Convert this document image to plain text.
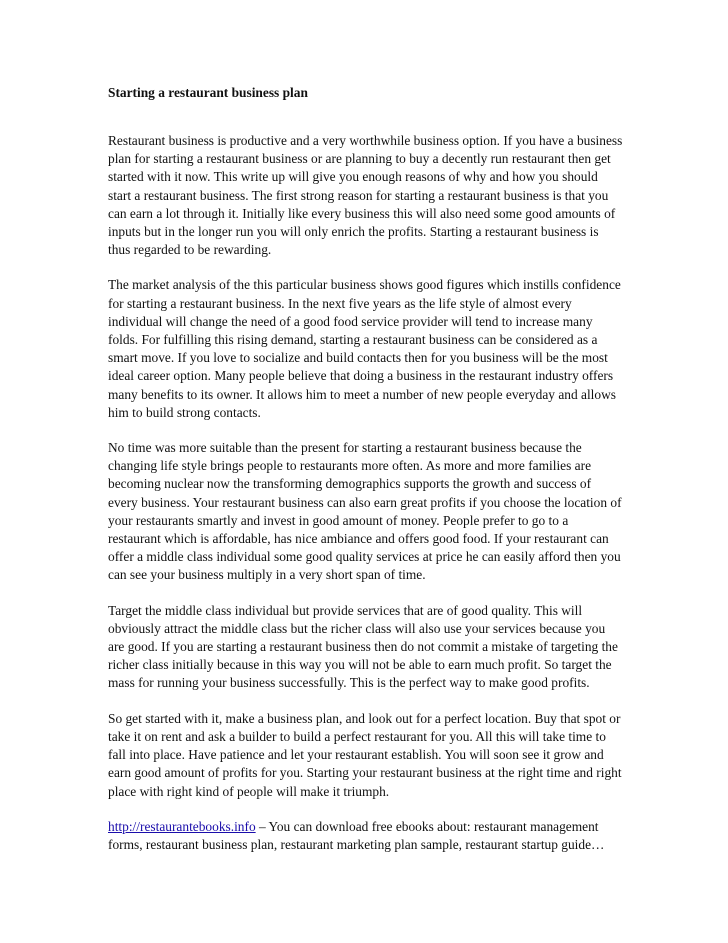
Starting a restaurant business plan

Restaurant business is productive and a very worthwhile business option. If you have a business plan for starting a restaurant business or are planning to buy a decently run restaurant then get started with it now. This write up will give you enough reasons of why and how you should start a restaurant business. The first strong reason for starting a restaurant business is that you can earn a lot through it. Initially like every business this will also need some good amounts of inputs but in the longer run you will only enrich the profits. Starting a restaurant business is thus regarded to be rewarding.

The market analysis of the this particular business shows good figures which instills confidence for starting a restaurant business. In the next five years as the life style of almost every individual will change the need of a good food service provider will tend to increase many folds. For fulfilling this rising demand, starting a restaurant business can be considered as a smart move. If you love to socialize and build contacts then for you business will be the most ideal career option. Many people believe that doing a business in the restaurant industry offers many benefits to its owner. It allows him to meet a number of new people everyday and allows him to build strong contacts.

No time was more suitable than the present for starting a restaurant business because the changing life style brings people to restaurants more often. As more and more families are becoming nuclear now the transforming demographics supports the growth and success of every business. Your restaurant business can also earn great profits if you choose the location of your restaurants smartly and invest in good amount of money. People prefer to go to a restaurant which is affordable, has nice ambiance and offers good food. If your restaurant can offer a middle class individual some good quality services at price he can easily afford then you can see your business multiply in a very short span of time.

Target the middle class individual but provide services that are of good quality. This will obviously attract the middle class but the richer class will also use your services because you are good. If you are starting a restaurant business then do not commit a mistake of targeting the richer class initially because in this way you will not be able to earn much profit. So target the mass for running your business successfully. This is the perfect way to make good profits.

So get started with it, make a business plan, and look out for a perfect location. Buy that spot or take it on rent and ask a builder to build a perfect restaurant for you. All this will take time to fall into place. Have patience and let your restaurant establish. You will soon see it grow and earn good amount of profits for you. Starting your restaurant business at the right time and right place with right kind of people will make it triumph.

http://restaurantebooks.info – You can download free ebooks about: restaurant management forms, restaurant business plan, restaurant marketing plan sample, restaurant startup guide…
